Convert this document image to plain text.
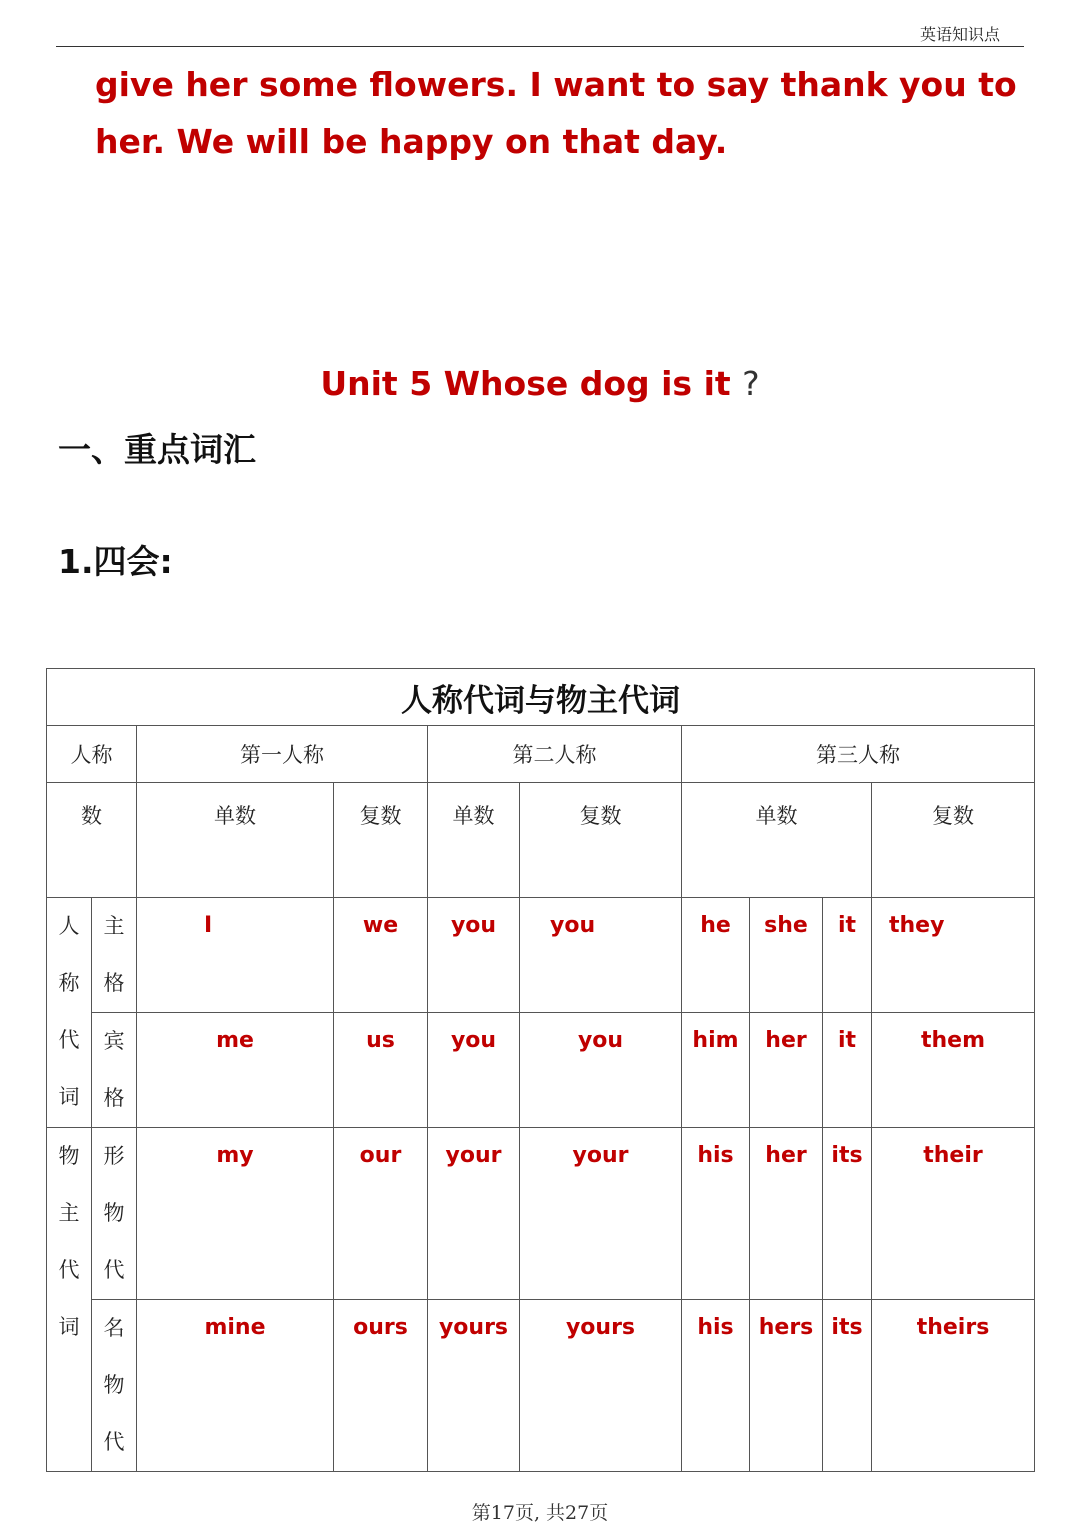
英语知识点

give her some flowers. I want to say thank you to her. We will be happy on that day.

Unit 5 Whose dog is it ?
一、重点词汇
1.四会:
人称代词与物主代词									
人称		第一人称		第二人称		第三人称			

数		单数	复数	单数	复数	单数			复数

人
称
代
词	主
格	I	we	you	you	he	she	it	they

	宾
格	me	us	you	you	him	her	it	them

物
主
代
词	形
物
代	my	our	your	your	his	her	its	their

	名
物
代	mine	ours	yours	yours	his	hers	its	theirs
第17页, 共27页
